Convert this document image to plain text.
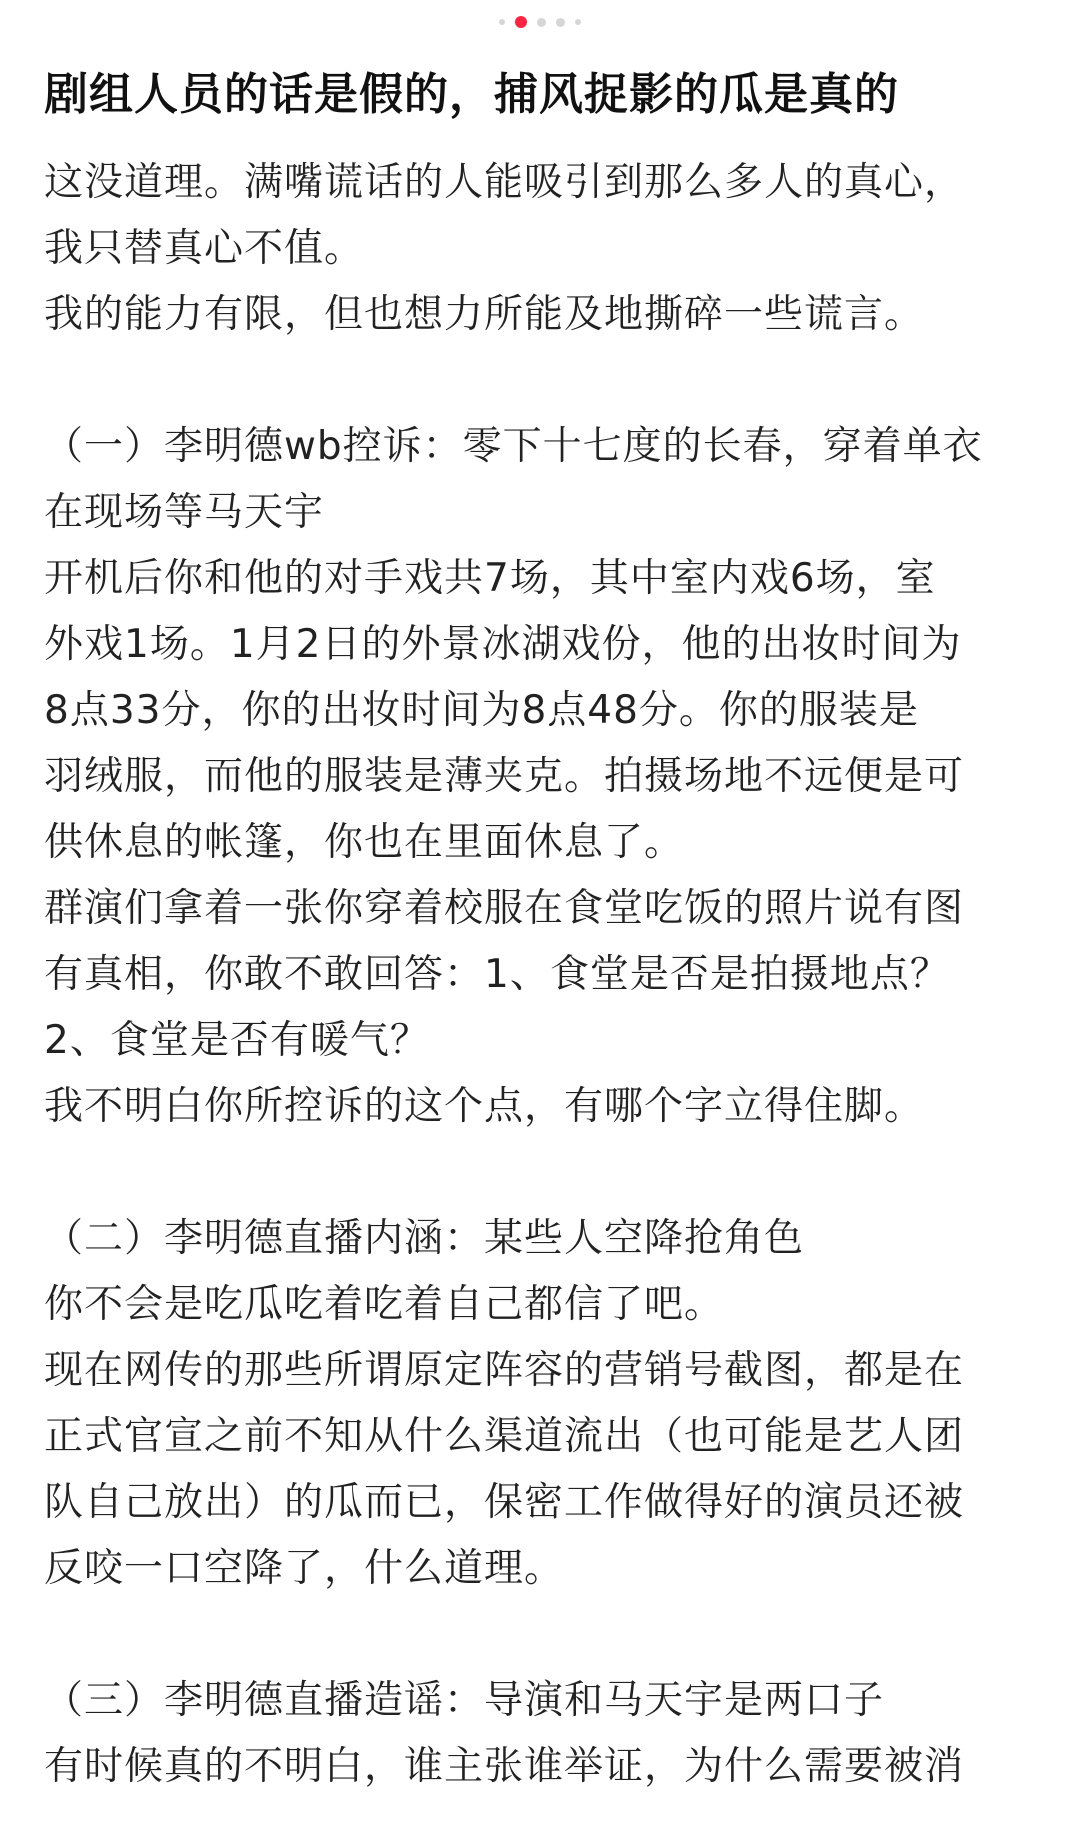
剧组人员的话是假的，捕风捉影的瓜是真的
这没道理。满嘴谎话的人能吸引到那么多人的真心，
我只替真心不值。
我的能力有限，但也想力所能及地撕碎一些谎言。
（一）李明德wb控诉：零下十七度的长春，穿着单衣
在现场等马天宇
开机后你和他的对手戏共7场，其中室内戏6场，室
外戏1场。1月2日的外景冰湖戏份，他的出妆时间为
8点33分，你的出妆时间为8点48分。你的服装是
羽绒服，而他的服装是薄夹克。拍摄场地不远便是可
供休息的帐篷，你也在里面休息了。
群演们拿着一张你穿着校服在食堂吃饭的照片说有图
有真相，你敢不敢回答：1、食堂是否是拍摄地点？
2、食堂是否有暖气？
我不明白你所控诉的这个点，有哪个字立得住脚。
（二）李明德直播内涵：某些人空降抢角色
你不会是吃瓜吃着吃着自己都信了吧。
现在网传的那些所谓原定阵容的营销号截图，都是在
正式官宣之前不知从什么渠道流出（也可能是艺人团
队自己放出）的瓜而已，保密工作做得好的演员还被
反咬一口空降了，什么道理。
（三）李明德直播造谣：导演和马天宇是两口子
有时候真的不明白，谁主张谁举证，为什么需要被消
